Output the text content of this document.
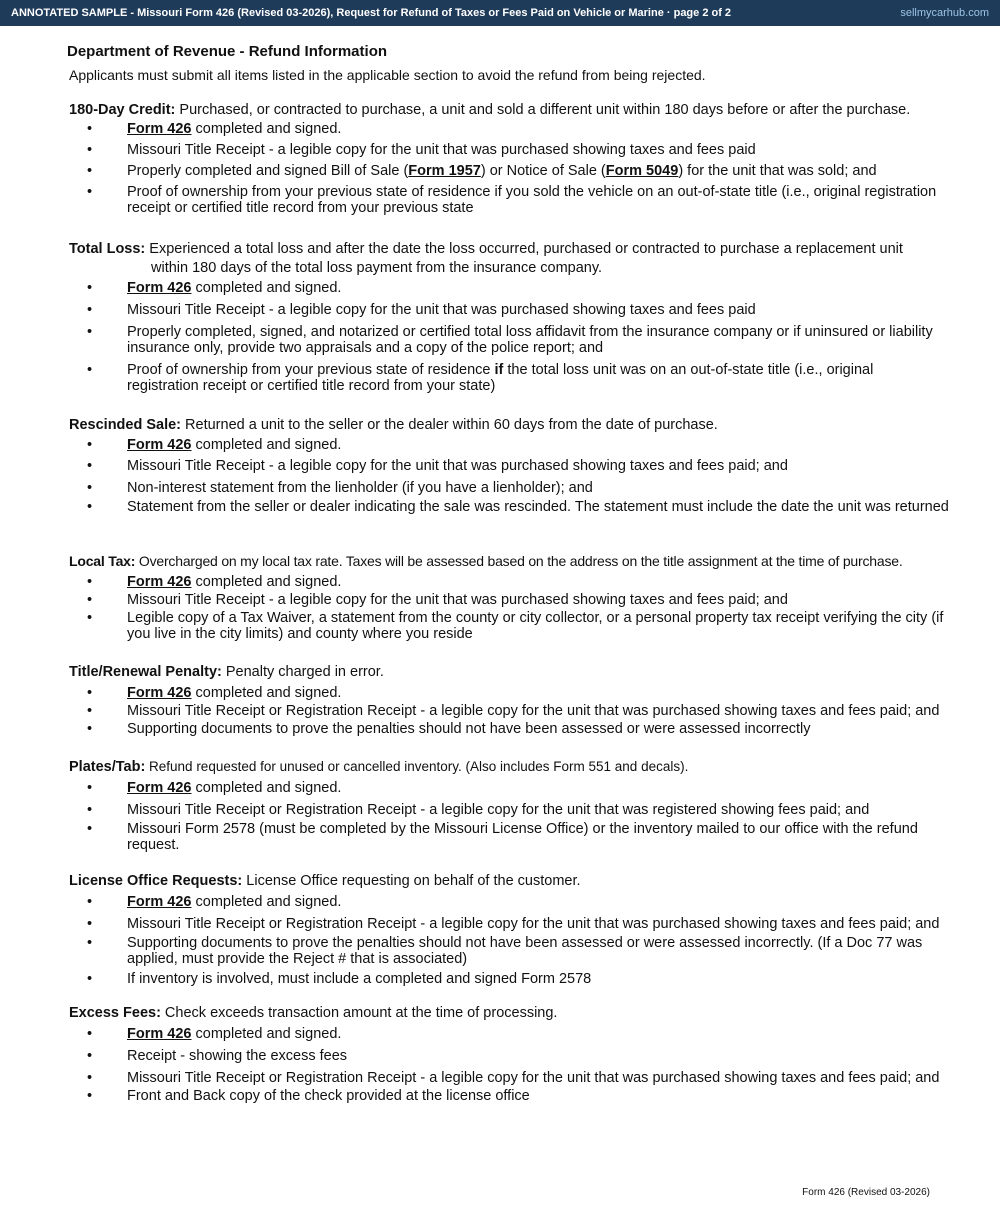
ANNOTATED SAMPLE - Missouri Form 426 (Revised 03-2026), Request for Refund of Taxes or Fees Paid on Vehicle or Marine · page 2 of 2	sellmycarhub.com
Department of Revenue - Refund Information
Applicants must submit all items listed in the applicable section to avoid the refund from being rejected.
180-Day Credit: Purchased, or contracted to purchase, a unit and sold a different unit within 180 days before or after the purchase.
• Form 426 completed and signed.
• Missouri Title Receipt - a legible copy for the unit that was purchased showing taxes and fees paid
• Properly completed and signed Bill of Sale (Form 1957) or Notice of Sale (Form 5049) for the unit that was sold; and
• Proof of ownership from your previous state of residence if you sold the vehicle on an out-of-state title (i.e., original registration receipt or certified title record from your previous state
Total Loss: Experienced a total loss and after the date the loss occurred, purchased or contracted to purchase a replacement unit
within 180 days of the total loss payment from the insurance company.
• Form 426 completed and signed.
• Missouri Title Receipt - a legible copy for the unit that was purchased showing taxes and fees paid
• Properly completed, signed, and notarized or certified total loss affidavit from the insurance company or if uninsured or liability insurance only, provide two appraisals and a copy of the police report; and
• Proof of ownership from your previous state of residence if the total loss unit was on an out-of-state title (i.e., original registration receipt or certified title record from your state)
Rescinded Sale: Returned a unit to the seller or the dealer within 60 days from the date of purchase.
• Form 426 completed and signed.
• Missouri Title Receipt - a legible copy for the unit that was purchased showing taxes and fees paid; and
• Non-interest statement from the lienholder (if you have a lienholder); and
• Statement from the seller or dealer indicating the sale was rescinded. The statement must include the date the unit was returned
Local Tax: Overcharged on my local tax rate. Taxes will be assessed based on the address on the title assignment at the time of purchase.
• Form 426 completed and signed.
• Missouri Title Receipt - a legible copy for the unit that was purchased showing taxes and fees paid; and
• Legible copy of a Tax Waiver, a statement from the county or city collector, or a personal property tax receipt verifying the city (if you live in the city limits) and county where you reside
Title/Renewal Penalty: Penalty charged in error.
• Form 426 completed and signed.
• Missouri Title Receipt or Registration Receipt - a legible copy for the unit that was purchased showing taxes and fees paid; and
• Supporting documents to prove the penalties should not have been assessed or were assessed incorrectly
Plates/Tab: Refund requested for unused or cancelled inventory. (Also includes Form 551 and decals).
• Form 426 completed and signed.
• Missouri Title Receipt or Registration Receipt - a legible copy for the unit that was registered showing fees paid; and
• Missouri Form 2578 (must be completed by the Missouri License Office) or the inventory mailed to our office with the refund request.
License Office Requests: License Office requesting on behalf of the customer.
• Form 426 completed and signed.
• Missouri Title Receipt or Registration Receipt - a legible copy for the unit that was purchased showing taxes and fees paid; and
• Supporting documents to prove the penalties should not have been assessed or were assessed incorrectly. (If a Doc 77 was applied, must provide the Reject # that is associated)
• If inventory is involved, must include a completed and signed Form 2578
Excess Fees: Check exceeds transaction amount at the time of processing.
• Form 426 completed and signed.
• Receipt - showing the excess fees
• Missouri Title Receipt or Registration Receipt - a legible copy for the unit that was purchased showing taxes and fees paid; and
• Front and Back copy of the check provided at the license office
Form 426 (Revised 03-2026)
